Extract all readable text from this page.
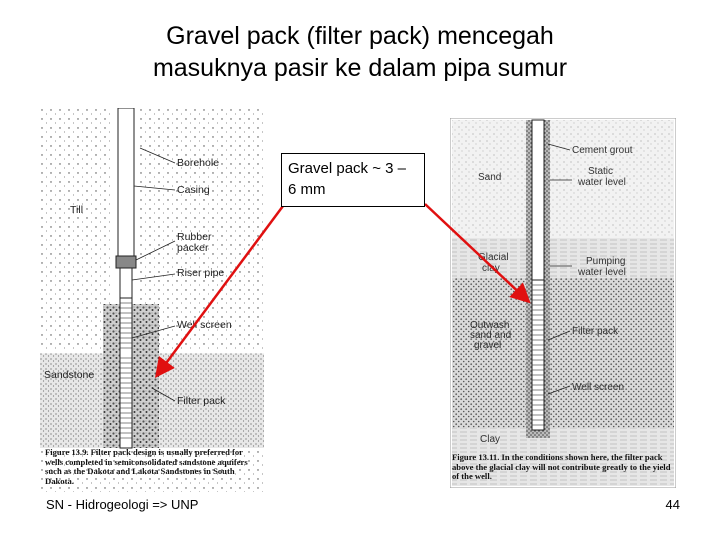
Gravel pack (filter pack) mencegah
masuknya pasir ke dalam pipa sumur
Borehole
Casing
Till
Rubber
packer
Riser pipe
Well screen
Sandstone
Filter pack
Figure 13.9. Filter pack design is usually preferred for wells completed in semiconsolidated sandstone aquifers such as the Dakota and Lakota Sandstones in South Dakota.
Cement grout
Sand
Static
water level
Glacial
clay
Pumping
water level
Outwash
sand and
gravel
Filter pack
Well screen
Clay
Figure 13.11. In the conditions shown here, the filter pack above the glacial clay will not contribute greatly to the yield of the well.
Gravel pack ~ 3 – 6 mm
SN - Hidrogeologi => UNP	44
